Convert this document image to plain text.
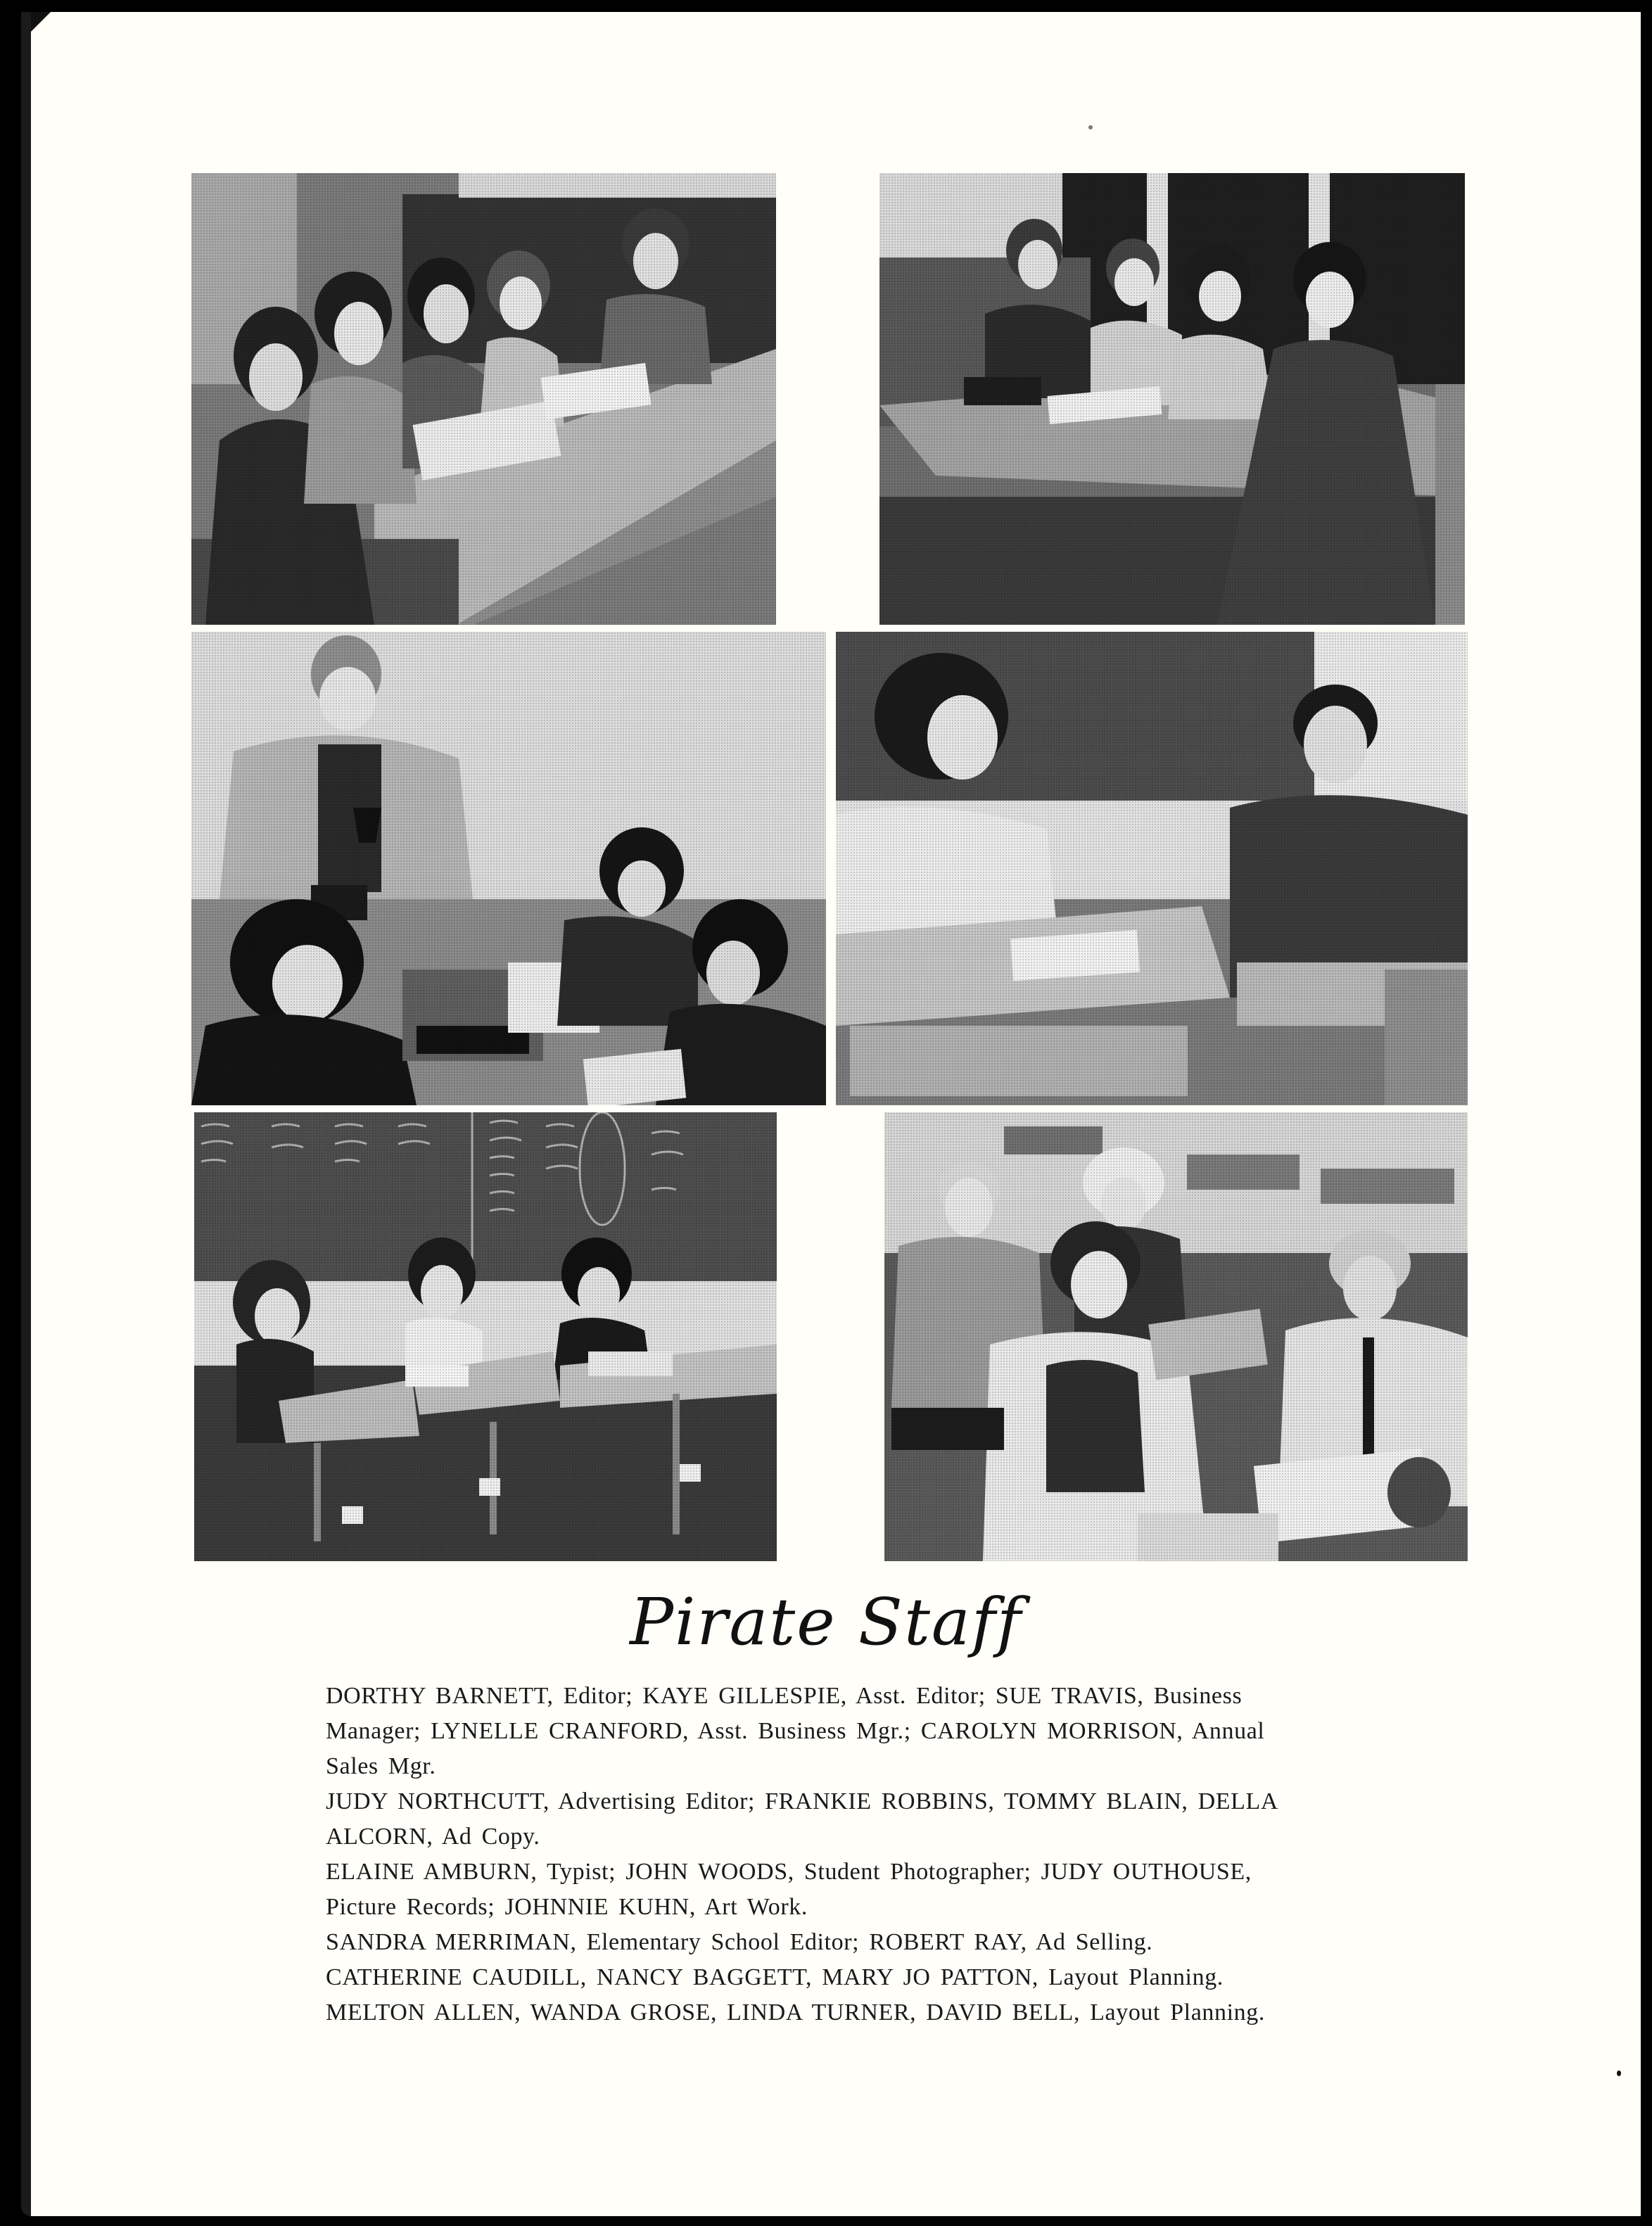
Pirate Staff
DORTHY BARNETT, Editor; KAYE GILLESPIE, Asst. Editor; SUE TRAVIS, Business
Manager; LYNELLE CRANFORD, Asst. Business Mgr.; CAROLYN MORRISON, Annual
Sales Mgr.
JUDY NORTHCUTT, Advertising Editor; FRANKIE ROBBINS, TOMMY BLAIN, DELLA
ALCORN, Ad Copy.
ELAINE AMBURN, Typist; JOHN WOODS, Student Photographer; JUDY OUTHOUSE,
Picture Records; JOHNNIE KUHN, Art Work.
SANDRA MERRIMAN, Elementary School Editor; ROBERT RAY, Ad Selling.
CATHERINE CAUDILL, NANCY BAGGETT, MARY JO PATTON, Layout Planning.
MELTON ALLEN, WANDA GROSE, LINDA TURNER, DAVID BELL, Layout Planning.
